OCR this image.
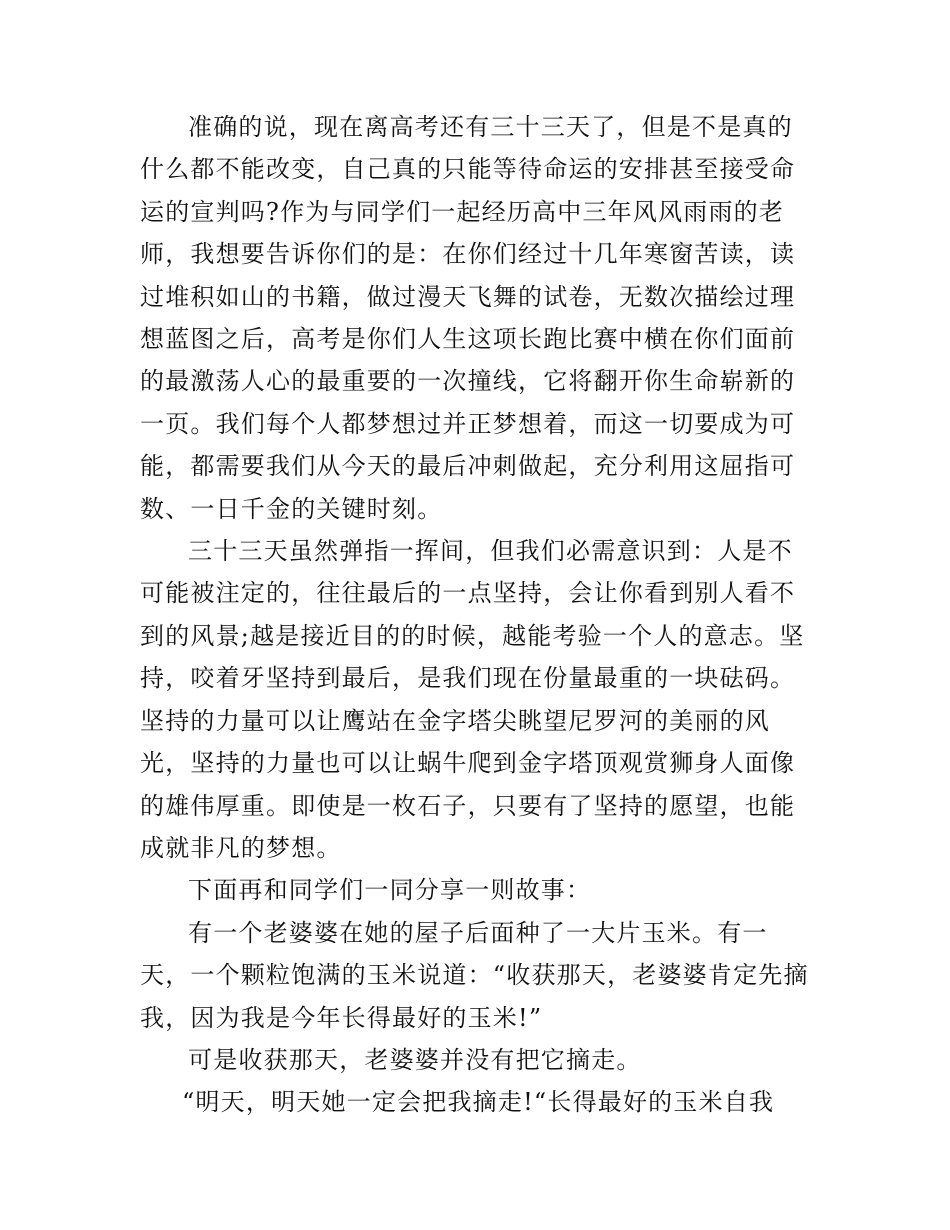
准确的说，现在离高考还有三十三天了，但是不是真的什么都不能改变，自己真的只能等待命运的安排甚至接受命运的宣判吗?作为与同学们一起经历高中三年风风雨雨的老师，我想要告诉你们的是：在你们经过十几年寒窗苦读，读过堆积如山的书籍，做过漫天飞舞的试卷，无数次描绘过理想蓝图之后，高考是你们人生这项长跑比赛中横在你们面前的最激荡人心的最重要的一次撞线，它将翻开你生命崭新的一页。我们每个人都梦想过并正梦想着，而这一切要成为可能，都需要我们从今天的最后冲刺做起，充分利用这屈指可数、一日千金的关键时刻。

三十三天虽然弹指一挥间，但我们必需意识到：人是不可能被注定的，往往最后的一点坚持，会让你看到别人看不到的风景;越是接近目的的时候，越能考验一个人的意志。坚持，咬着牙坚持到最后，是我们现在份量最重的一块砝码。坚持的力量可以让鹰站在金字塔尖眺望尼罗河的美丽的风光，坚持的力量也可以让蜗牛爬到金字塔顶观赏狮身人面像的雄伟厚重。即使是一枚石子，只要有了坚持的愿望，也能成就非凡的梦想。

下面再和同学们一同分享一则故事：

有一个老婆婆在她的屋子后面种了一大片玉米。有一天，一个颗粒饱满的玉米说道：“收获那天，老婆婆肯定先摘我，因为我是今年长得最好的玉米!”

可是收获那天，老婆婆并没有把它摘走。

“明天，明天她一定会把我摘走!“长得最好的玉米自我
